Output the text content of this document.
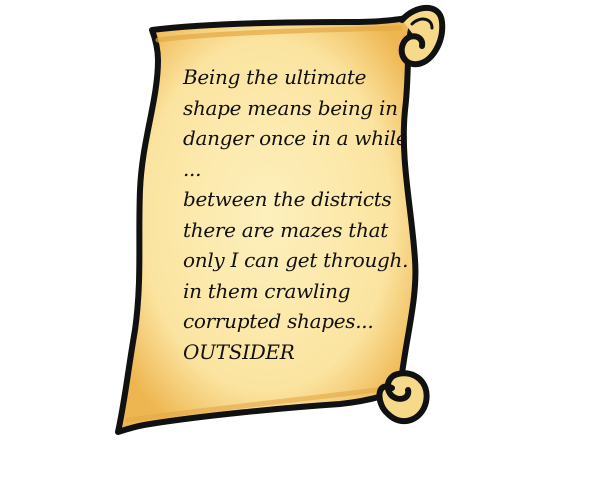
Being the ultimate
shape means being in
danger once in a while
...
between the districts
there are mazes that
only I can get through.
in them crawling
corrupted shapes...
OUTSIDER
